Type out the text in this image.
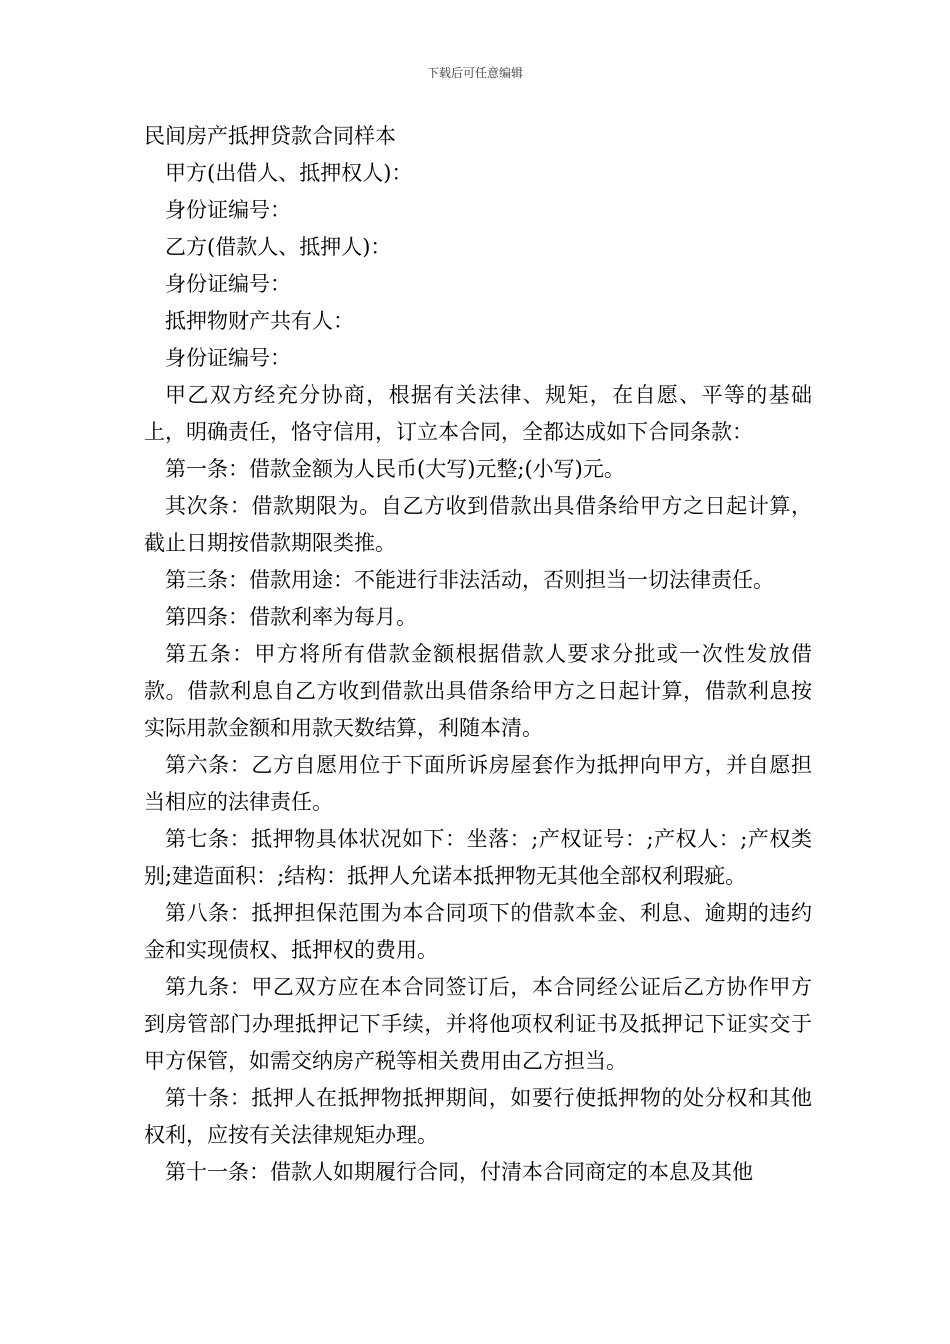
下载后可任意编辑

民间房产抵押贷款合同样本

甲方(出借人、抵押权人)：

身份证编号：

乙方(借款人、抵押人)：

身份证编号：

抵押物财产共有人：

身份证编号：

甲乙双方经充分协商，根据有关法律、规矩，在自愿、平等的基础上，明确责任，恪守信用，订立本合同，全都达成如下合同条款：

第一条：借款金额为人民币(大写)元整;(小写)元。

其次条：借款期限为。自乙方收到借款出具借条给甲方之日起计算，截止日期按借款期限类推。

第三条：借款用途：不能进行非法活动，否则担当一切法律责任。

第四条：借款利率为每月。

第五条：甲方将所有借款金额根据借款人要求分批或一次性发放借款。借款利息自乙方收到借款出具借条给甲方之日起计算，借款利息按实际用款金额和用款天数结算，利随本清。

第六条：乙方自愿用位于下面所诉房屋套作为抵押向甲方，并自愿担当相应的法律责任。

第七条：抵押物具体状况如下：坐落：;产权证号：;产权人：;产权类别;建造面积：;结构：抵押人允诺本抵押物无其他全部权利瑕疵。

第八条：抵押担保范围为本合同项下的借款本金、利息、逾期的违约金和实现债权、抵押权的费用。

第九条：甲乙双方应在本合同签订后，本合同经公证后乙方协作甲方到房管部门办理抵押记下手续，并将他项权利证书及抵押记下证实交于甲方保管，如需交纳房产税等相关费用由乙方担当。

第十条：抵押人在抵押物抵押期间，如要行使抵押物的处分权和其他权利，应按有关法律规矩办理。

第十一条：借款人如期履行合同，付清本合同商定的本息及其他
